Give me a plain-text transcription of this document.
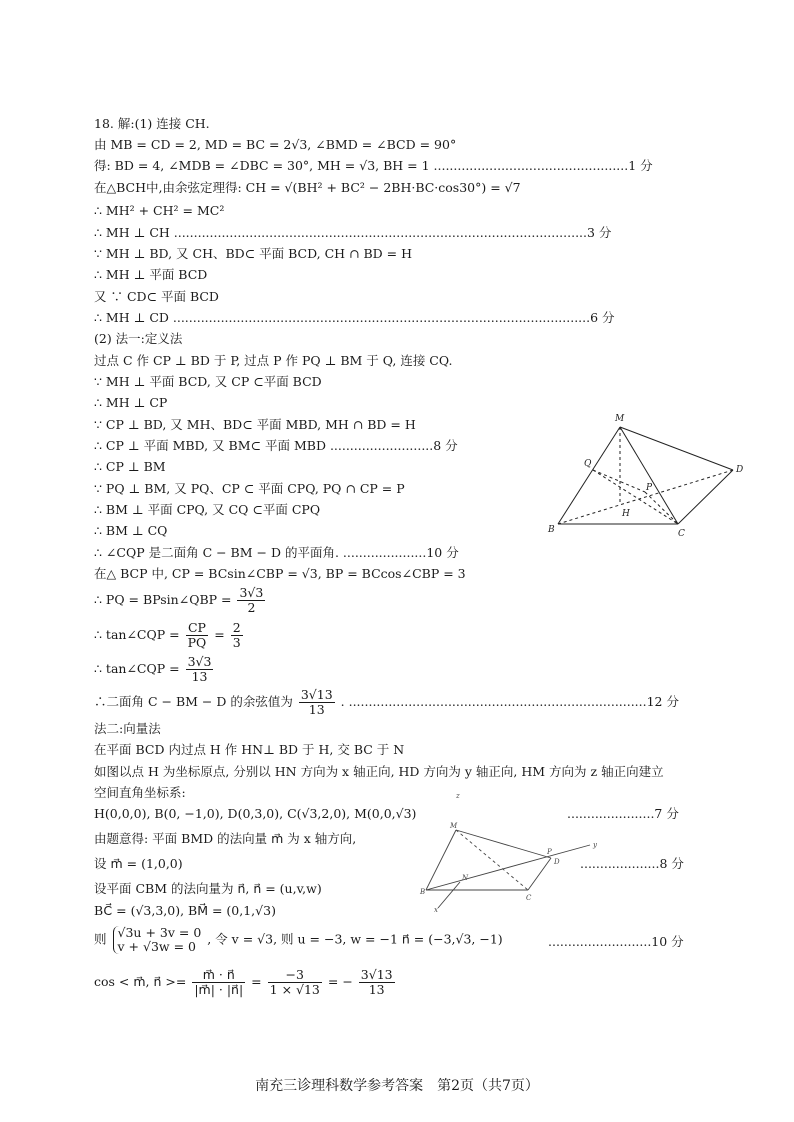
18. 解:(1) 连接 CH.
由 MB = CD = 2, MD = BC = 2√3, ∠BMD = ∠BCD = 90°
得: BD = 4, ∠MDB = ∠DBC = 30°, MH = √3, BH = 1 .................................................1 分
在△BCH中,由余弦定理得: CH = √(BH² + BC² − 2BH·BC·cos30°) = √7
∴ MH² + CH² = MC²
∴ MH ⊥ CH ........................................................................................................3 分
∵ MH ⊥ BD, 又 CH、BD⊂ 平面 BCD, CH ∩ BD = H
∴ MH ⊥ 平面 BCD
又 ∵ CD⊂ 平面 BCD
∴ MH ⊥ CD .........................................................................................................6 分
(2) 法一:定义法
过点 C 作 CP ⊥ BD 于 P, 过点 P 作 PQ ⊥ BM 于 Q, 连接 CQ.
∵ MH ⊥ 平面 BCD, 又 CP ⊂平面 BCD
∴ MH ⊥ CP
∵ CP ⊥ BD, 又 MH、BD⊂ 平面 MBD, MH ∩ BD = H
∴ CP ⊥ 平面 MBD, 又 BM⊂ 平面 MBD ..........................8 分
∴ CP ⊥ BM
∵ PQ ⊥ BM, 又 PQ、CP ⊂ 平面 CPQ, PQ ∩ CP = P
∴ BM ⊥ 平面 CPQ, 又 CQ ⊂平面 CPQ
∴ BM ⊥ CQ
∴ ∠CQP 是二面角 C − BM − D 的平面角. .....................10 分
在△ BCP 中, CP = BCsin∠CBP = √3, BP = BCcos∠CBP = 3
∴ PQ = BPsin∠QBP = $\frac{3√3}{2}$
∴ tan∠CQP = $\frac{CP}{PQ} = \frac{2}{3}$
∴ tan∠CQP = $\frac{3√3}{13}$
∴二面角 C − BM − D 的余弦值为 $\frac{3√13}{13}$ . ...........................................................................12 分
法二:向量法
在平面 BCD 内过点 H 作 HN⊥ BD 于 H, 交 BC 于 N
如图以点 H 为坐标原点, 分别以 HN 方向为 x 轴正向, HD 方向为 y 轴正向, HM 方向为 z 轴正向建立
空间直角坐标系:
H(0,0,0), B(0, −1,0), D(0,3,0), C(√3,2,0), M(0,0,√3)	......................7 分
由题意得: 平面 BMD 的法向量 m⃗ 为 x 轴方向,
设 m⃗ = (1,0,0)	....................8 分
设平面 CBM 的法向量为 n⃗, n⃗ = (u,v,w)
BC⃗ = (√3,3,0), BM⃗ = (0,1,√3)
则 √3u + 3v = 0
v + √3w = 0 , 令 v = √3, 则 u = −3, w = −1 n⃗ = (−3,√3, −1)	..........................10 分
cos < m⃗, n⃗ >= $\frac{m⃗ \cdot n⃗}{|m⃗| \cdot |n⃗|} = \frac{-3}{1 \times √13}$ = − $\frac{3√13}{13}$
M
Q
D
P
H
B	C
z
M
P
N
B
C
x
D
y
南充三诊理科数学参考答案　第2页（共7页）
